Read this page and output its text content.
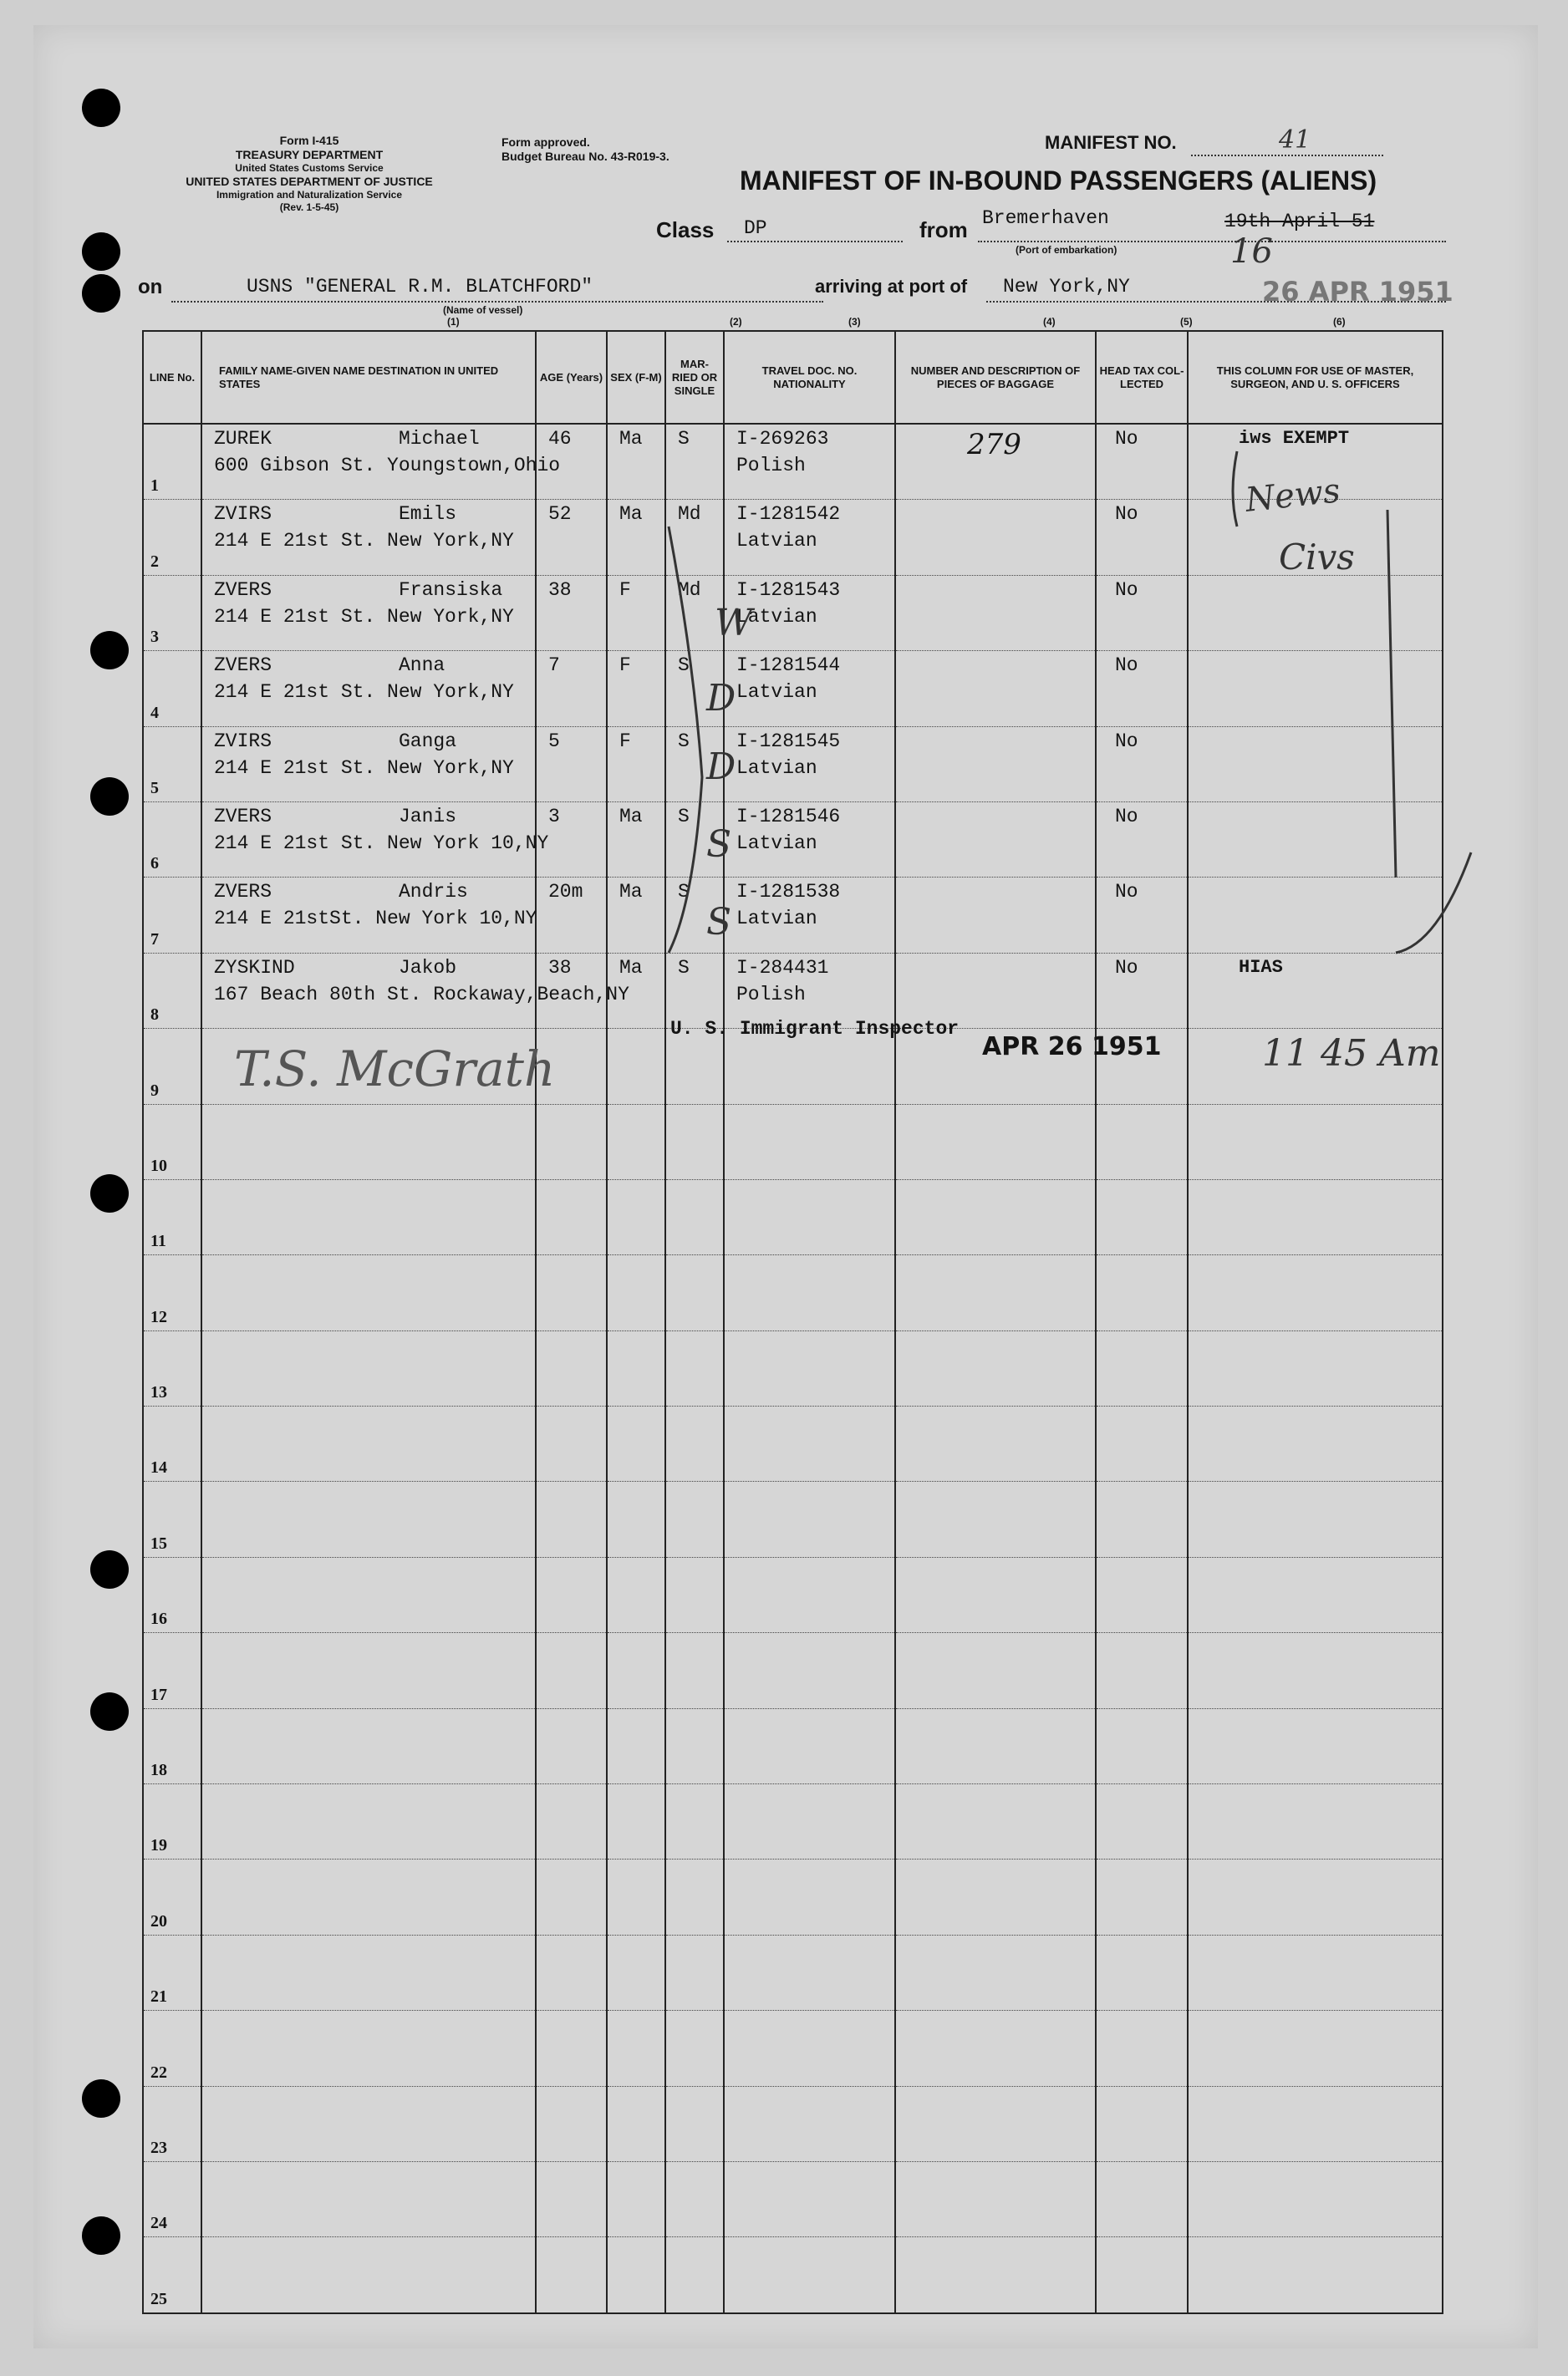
Form I-415
TREASURY DEPARTMENT
United States Customs Service
UNITED STATES DEPARTMENT OF JUSTICE
Immigration and Naturalization Service
(Rev. 1-5-45)
Form approved.
Budget Bureau No. 43-R019-3.
MANIFEST NO.	41
MANIFEST OF IN-BOUND PASSENGERS (ALIENS)
Class DP	from Bremerhaven
(Port of embarkation)
19th April 51
16
on	USNS "GENERAL R.M. BLATCHFORD"
(Name of vessel)
arriving at port of New York,NY	26 APR 1951
(1)	(2)	(3)	(4)	(5)	(6)
LINE No.	FAMILY NAME-GIVEN NAME DESTINATION IN UNITED STATES	AGE (Years)	SEX (F-M)	MAR-RIED OR SINGLE	TRAVEL DOC. NO. NATIONALITY	NUMBER AND DESCRIPTION OF PIECES OF BAGGAGE	HEAD TAX COL-LECTED	THIS COLUMN FOR USE OF MASTER, SURGEON, AND U. S. OFFICERS

1	ZUREK Michael
600 Gibson St. Youngstown,Ohio	46	Ma	S	I-269263
Polish	279	No	iws EXEMPT

2	ZVIRS Emils
214 E 21st St. New York,NY	52	Ma	Md	I-1281542
Latvian		No	

3	ZVERS Fransiska
214 E 21st St. New York,NY	38	F	Md	I-1281543
Latvian		No	

4	ZVERS Anna
214 E 21st St. New York,NY	7	F	S	I-1281544
Latvian		No	

5	ZVIRS Ganga
214 E 21st St. New York,NY	5	F	S	I-1281545
Latvian		No	

6	ZVERS Janis
214 E 21st St. New York 10,NY	3	Ma	S	I-1281546
Latvian		No	

7	ZVERS Andris
214 E 21stSt. New York 10,NY	20m	Ma	S	I-1281538
Latvian		No	

8	ZYSKIND Jakob
167 Beach 80th St. Rockaway,Beach,NY	38	Ma	S	I-284431
Polish		No	HIAS

9								

10								

11								

12								

13								

14								

15								

16								

17								

18								

19								

20								

21								

22								

23								

24								

25								

News
Civs
W
D
D
S
S
T.S. McGrath
U. S. Immigrant Inspector
APR 26 1951	11 45 Am
